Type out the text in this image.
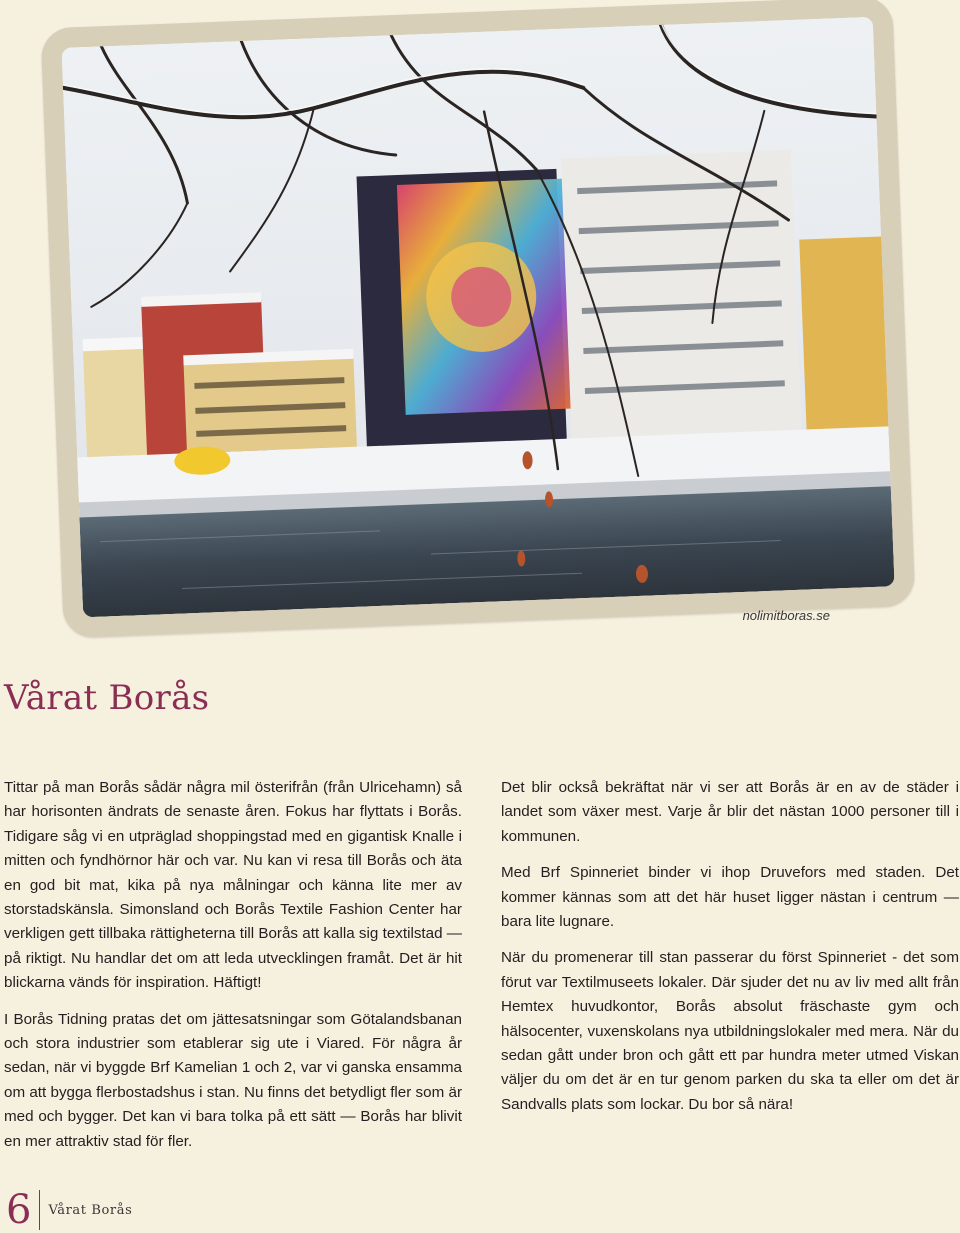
nolimitboras.se
Vårat Borås

Tittar på man Borås sådär några mil österifrån (från Ulricehamn) så har horisonten ändrats de senaste åren. Fokus har flyttats i Borås. Tidigare såg vi en utpräglad shoppingstad med en gigantisk Knalle i mitten och fyndhörnor här och var. Nu kan vi resa till Borås och äta en god bit mat, kika på nya målningar och känna lite mer av storstadskänsla. Simonsland och Borås Textile Fashion Center har verkligen gett tillbaka rättigheterna till Borås att kalla sig textilstad — på riktigt. Nu handlar det om att leda utvecklingen framåt. Det är hit blickarna vänds för inspiration. Häftigt!

I Borås Tidning pratas det om jättesatsningar som Götalandsbanan och stora industrier som etablerar sig ute i Viared. För några år sedan, när vi byggde Brf Kamelian 1 och 2, var vi ganska ensamma om att bygga flerbostadshus i stan. Nu finns det betydligt fler som är med och bygger. Det kan vi bara tolka på ett sätt — Borås har blivit en mer attraktiv stad för fler.

Det blir också bekräftat när vi ser att Borås är en av de städer i landet som växer mest. Varje år blir det nästan 1000 personer till i kommunen.

Med Brf Spinneriet binder vi ihop Druvefors med staden. Det kommer kännas som att det här huset ligger nästan i centrum — bara lite lugnare.

När du promenerar till stan passerar du först Spinneriet - det som förut var Textilmuseets lokaler. Där sjuder det nu av liv med allt från Hemtex huvudkontor, Borås absolut fräschaste gym och hälsocenter, vuxenskolans nya utbildningslokaler med mera. När du sedan gått under bron och gått ett par hundra meter utmed Viskan väljer du om det är en tur genom parken du ska ta eller om det är Sandvalls plats som lockar. Du bor så nära!

6 Vårat Borås
